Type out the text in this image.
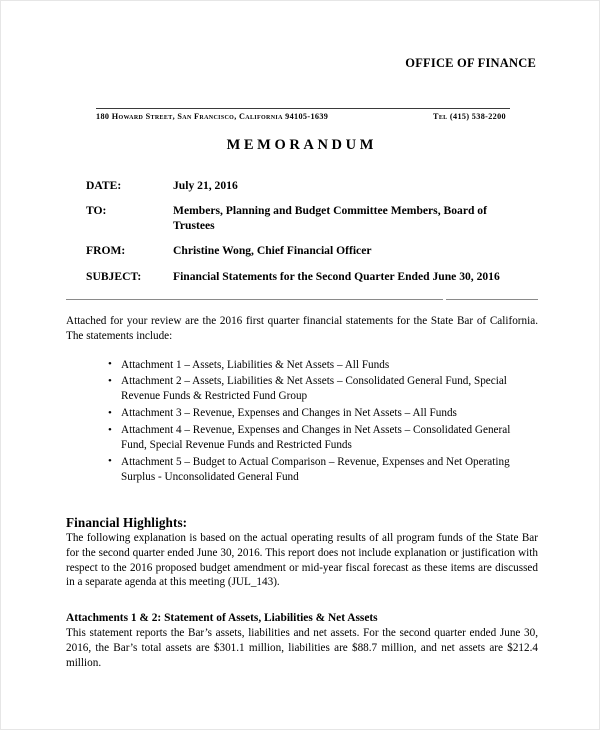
OFFICE OF FINANCE
180 Howard Street, San Francisco, California 94105-1639	Tel (415) 538-2200
MEMORANDUM
DATE:	July 21, 2016
TO:	Members, Planning and Budget Committee Members, Board of Trustees
FROM:	Christine Wong, Chief Financial Officer
SUBJECT:	Financial Statements for the Second Quarter Ended June 30, 2016

Attached for your review are the 2016 first quarter financial statements for the State Bar of California. The statements include:

• Attachment 1 – Assets, Liabilities & Net Assets – All Funds
• Attachment 2 – Assets, Liabilities & Net Assets – Consolidated General Fund, Special Revenue Funds & Restricted Fund Group
• Attachment 3 – Revenue, Expenses and Changes in Net Assets – All Funds
• Attachment 4 – Revenue, Expenses and Changes in Net Assets – Consolidated General Fund, Special Revenue Funds and Restricted Funds
• Attachment 5 – Budget to Actual Comparison – Revenue, Expenses and Net Operating Surplus - Unconsolidated General Fund

Financial Highlights:

The following explanation is based on the actual operating results of all program funds of the State Bar for the second quarter ended June 30, 2016. This report does not include explanation or justification with respect to the 2016 proposed budget amendment or mid-year fiscal forecast as these items are discussed in a separate agenda at this meeting (JUL_143).

Attachments 1 & 2: Statement of Assets, Liabilities & Net Assets

This statement reports the Bar’s assets, liabilities and net assets. For the second quarter ended June 30, 2016, the Bar’s total assets are $301.1 million, liabilities are $88.7 million, and net assets are $212.4 million.
